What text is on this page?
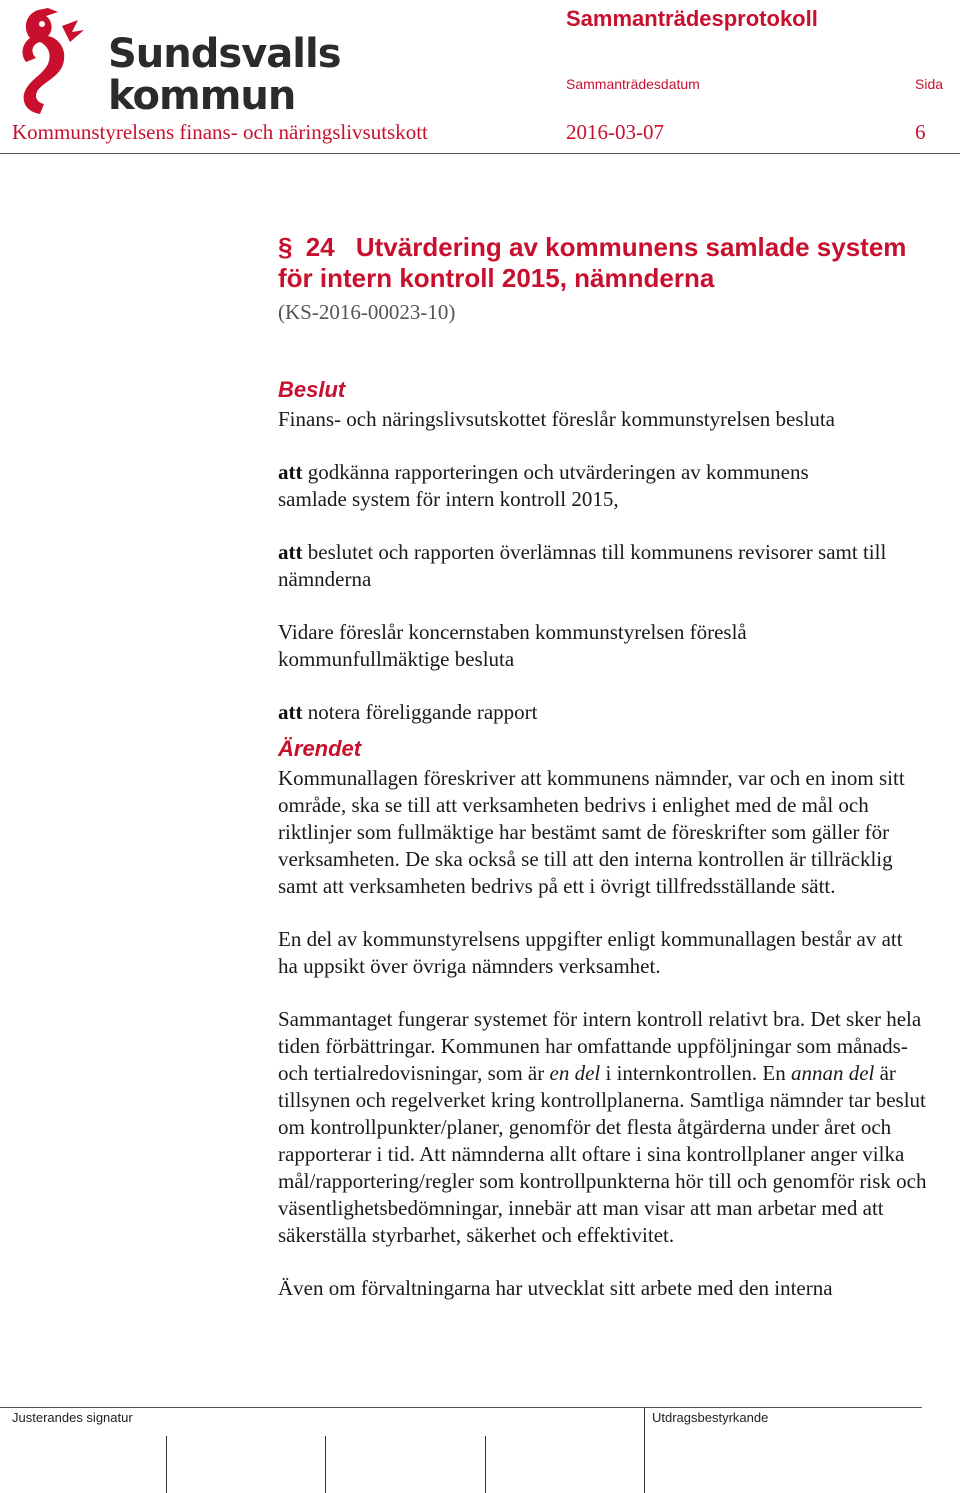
Sundsvalls
kommun
Sammanträdesprotokoll
Sammanträdesdatum	Sida
Kommunstyrelsens finans- och näringslivsutskott	2016-03-07	6
§ 24 Utvärdering av kommunens samlade system för intern kontroll 2015, nämnderna
(KS-2016-00023-10)
Beslut

Finans- och näringslivsutskottet föreslår kommunstyrelsen besluta

att godkänna rapporteringen och utvärderingen av kommunens samlade system för intern kontroll 2015,

att beslutet och rapporten överlämnas till kommunens revisorer samt till nämnderna

Vidare föreslår koncernstaben kommunstyrelsen föreslå kommunfullmäktige besluta

att notera föreliggande rapport

Ärendet

Kommunallagen föreskriver att kommunens nämnder, var och en inom sitt område, ska se till att verksamheten bedrivs i enlighet med de mål och riktlinjer som fullmäktige har bestämt samt de föreskrifter som gäller för verksamheten. De ska också se till att den interna kontrollen är tillräcklig samt att verksamheten bedrivs på ett i övrigt tillfredsställande sätt.

En del av kommunstyrelsens uppgifter enligt kommunallagen består av att ha uppsikt över övriga nämnders verksamhet.

Sammantaget fungerar systemet för intern kontroll relativt bra. Det sker hela tiden förbättringar. Kommunen har omfattande uppföljningar som månads- och tertialredovisningar, som är en del i internkontrollen. En annan del är tillsynen och regelverket kring kontrollplanerna. Samtliga nämnder tar beslut om kontrollpunkter/planer, genomför det flesta åtgärderna under året och rapporterar i tid. Att nämnderna allt oftare i sina kontrollplaner anger vilka mål/rapportering/regler som kontrollpunkterna hör till och genomför risk och väsentlighetsbedömningar, innebär att man visar att man arbetar med att säkerställa styrbarhet, säkerhet och effektivitet.

Även om förvaltningarna har utvecklat sitt arbete med den interna

Justerandes signatur	Utdragsbestyrkande
